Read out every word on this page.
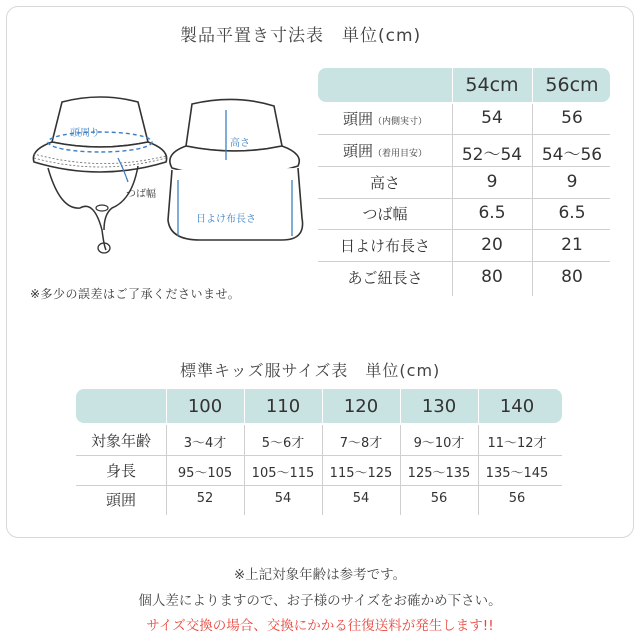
製品平置き寸法表　単位(cm)
頭周り
つば幅
高さ
日よけ布長さ
※多少の誤差はご了承くださいませ。
54cm	56cm
頭囲（内側実寸）	54	56
頭囲（着用目安）	52〜54	54〜56
高さ	9	9
つば幅	6.5	6.5
日よけ布長さ	20	21
あご紐長さ	80	80
標準キッズ服サイズ表　単位(cm)
100	110	120	130	140
対象年齢	3〜4才	5〜6才	7〜8才	9〜10才	11〜12才
身長	95〜105	105〜115	115〜125	125〜135	135〜145
頭囲	52	54	54	56	56
※上記対象年齢は参考です。
個人差によりますので、お子様のサイズをお確かめ下さい。
サイズ交換の場合、交換にかかる往復送料が発生します!!
